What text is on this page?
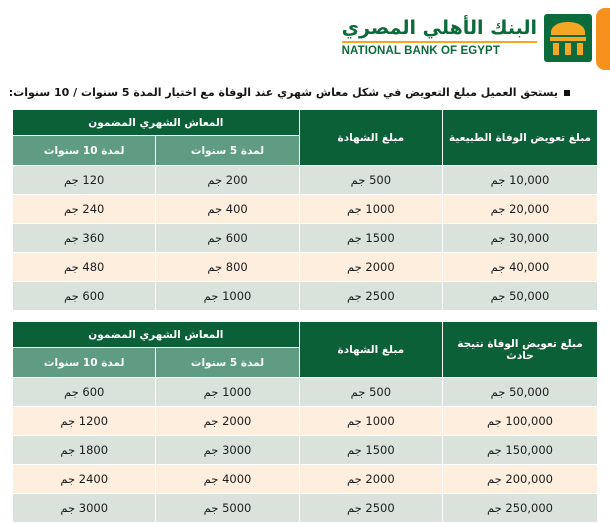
البنك الأهلي المصري
NATIONAL BANK OF EGYPT
يستحق العميل مبلغ التعويض في شكل معاش شهري عند الوفاة مع اختيار المدة 5 سنوات / 10 سنوات:
مبلغ تعويض الوفاة الطبيعية	مبلغ الشهادة	المعاش الشهري المضمون	
		لمدة 5 سنوات	لمدة 10 سنوات
10,000 جم	500 جم	200 جم	120 جم
20,000 جم	1000 جم	400 جم	240 جم
30,000 جم	1500 جم	600 جم	360 جم
40,000 جم	2000 جم	800 جم	480 جم
50,000 جم	2500 جم	1000 جم	600 جم
مبلغ تعويض الوفاة نتيجة حادث	مبلغ الشهادة	المعاش الشهري المضمون	
		لمدة 5 سنوات	لمدة 10 سنوات
50,000 جم	500 جم	1000 جم	600 جم
100,000 جم	1000 جم	2000 جم	1200 جم
150,000 جم	1500 جم	3000 جم	1800 جم
200,000 جم	2000 جم	4000 جم	2400 جم
250,000 جم	2500 جم	5000 جم	3000 جم
